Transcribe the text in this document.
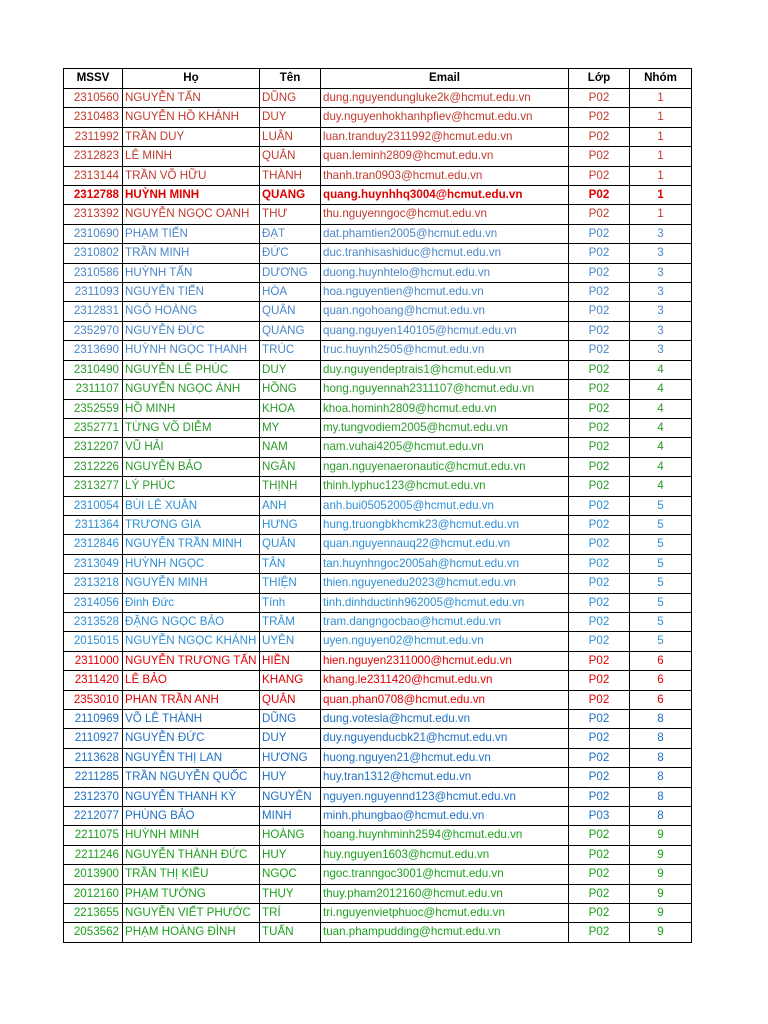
MSSV	Họ	Tên	Email	Lớp	Nhóm
2310560	NGUYỄN TẤN	DŨNG	dung.nguyendungluke2k@hcmut.edu.vn	P02	1
2310483	NGUYỄN HỒ KHÁNH	DUY	duy.nguyenhokhanhpfiev@hcmut.edu.vn	P02	1
2311992	TRẦN DUY	LUÂN	luan.tranduy2311992@hcmut.edu.vn	P02	1
2312823	LÊ MINH	QUÂN	quan.leminh2809@hcmut.edu.vn	P02	1
2313144	TRẦN VÕ HỮU	THÀNH	thanh.tran0903@hcmut.edu.vn	P02	1
2312788	HUỲNH MINH	QUANG	quang.huynhhq3004@hcmut.edu.vn	P02	1
2313392	NGUYỄN NGỌC OANH	THƯ	thu.nguyenngoc@hcmut.edu.vn	P02	1
2310690	PHẠM TIẾN	ĐẠT	dat.phamtien2005@hcmut.edu.vn	P02	3
2310802	TRẦN MINH	ĐỨC	duc.tranhisashiduc@hcmut.edu.vn	P02	3
2310586	HUỲNH TẤN	DƯƠNG	duong.huynhtelo@hcmut.edu.vn	P02	3
2311093	NGUYỄN TIẾN	HÒA	hoa.nguyentien@hcmut.edu.vn	P02	3
2312831	NGÔ HOÀNG	QUÂN	quan.ngohoang@hcmut.edu.vn	P02	3
2352970	NGUYỄN ĐỨC	QUANG	quang.nguyen140105@hcmut.edu.vn	P02	3
2313690	HUỲNH NGỌC THANH	TRÚC	truc.huynh2505@hcmut.edu.vn	P02	3
2310490	NGUYỄN LÊ PHÚC	DUY	duy.nguyendeptrais1@hcmut.edu.vn	P02	4
2311107	NGUYỄN NGỌC ÁNH	HỒNG	hong.nguyennah2311107@hcmut.edu.vn	P02	4
2352559	HỒ MINH	KHOA	khoa.hominh2809@hcmut.edu.vn	P02	4
2352771	TỪNG VÕ DIỄM	MY	my.tungvodiem2005@hcmut.edu.vn	P02	4
2312207	VŨ HẢI	NAM	nam.vuhai4205@hcmut.edu.vn	P02	4
2312226	NGUYỄN BẢO	NGÂN	ngan.nguyenaeronautic@hcmut.edu.vn	P02	4
2313277	LÝ PHÚC	THỊNH	thinh.lyphuc123@hcmut.edu.vn	P02	4
2310054	BÙI LÊ XUÂN	ANH	anh.bui05052005@hcmut.edu.vn	P02	5
2311364	TRƯƠNG GIA	HƯNG	hung.truongbkhcmk23@hcmut.edu.vn	P02	5
2312846	NGUYỄN TRẦN MINH	QUÂN	quan.nguyennauq22@hcmut.edu.vn	P02	5
2313049	HUỲNH NGỌC	TÂN	tan.huynhngoc2005ah@hcmut.edu.vn	P02	5
2313218	NGUYỄN MINH	THIỆN	thien.nguyenedu2023@hcmut.edu.vn	P02	5
2314056	Đinh Đức	Tính	tinh.dinhductinh962005@hcmut.edu.vn	P02	5
2313528	ĐẶNG NGỌC BẢO	TRÂM	tram.dangngocbao@hcmut.edu.vn	P02	5
2015015	NGUYỄN NGỌC KHÁNH	UYÊN	uyen.nguyen02@hcmut.edu.vn	P02	5
2311000	NGUYỄN TRƯƠNG TẤN	HIỀN	hien.nguyen2311000@hcmut.edu.vn	P02	6
2311420	LÊ BẢO	KHANG	khang.le2311420@hcmut.edu.vn	P02	6
2353010	PHAN TRẦN ANH	QUÂN	quan.phan0708@hcmut.edu.vn	P02	6
2110969	VÕ LÊ THÀNH	DŨNG	dung.votesla@hcmut.edu.vn	P02	8
2110927	NGUYỄN ĐỨC	DUY	duy.nguyenducbk21@hcmut.edu.vn	P02	8
2113628	NGUYỄN THỊ LAN	HƯƠNG	huong.nguyen21@hcmut.edu.vn	P02	8
2211285	TRẦN NGUYỄN QUỐC	HUY	huy.tran1312@hcmut.edu.vn	P02	8
2312370	NGUYỄN THANH KỲ	NGUYÊN	nguyen.nguyennd123@hcmut.edu.vn	P02	8
2212077	PHÙNG BẢO	MINH	minh.phungbao@hcmut.edu.vn	P03	8
2211075	HUỲNH MINH	HOÀNG	hoang.huynhminh2594@hcmut.edu.vn	P02	9
2211246	NGUYỄN THÀNH ĐỨC	HUY	huy.nguyen1603@hcmut.edu.vn	P02	9
2013900	TRẦN THỊ KIỀU	NGỌC	ngoc.tranngoc3001@hcmut.edu.vn	P02	9
2012160	PHẠM TƯỜNG	THỤY	thuy.pham2012160@hcmut.edu.vn	P02	9
2213655	NGUYỄN VIẾT PHƯỚC	TRÍ	tri.nguyenvietphuoc@hcmut.edu.vn	P02	9
2053562	PHẠM HOÀNG ĐÌNH	TUẤN	tuan.phampudding@hcmut.edu.vn	P02	9
